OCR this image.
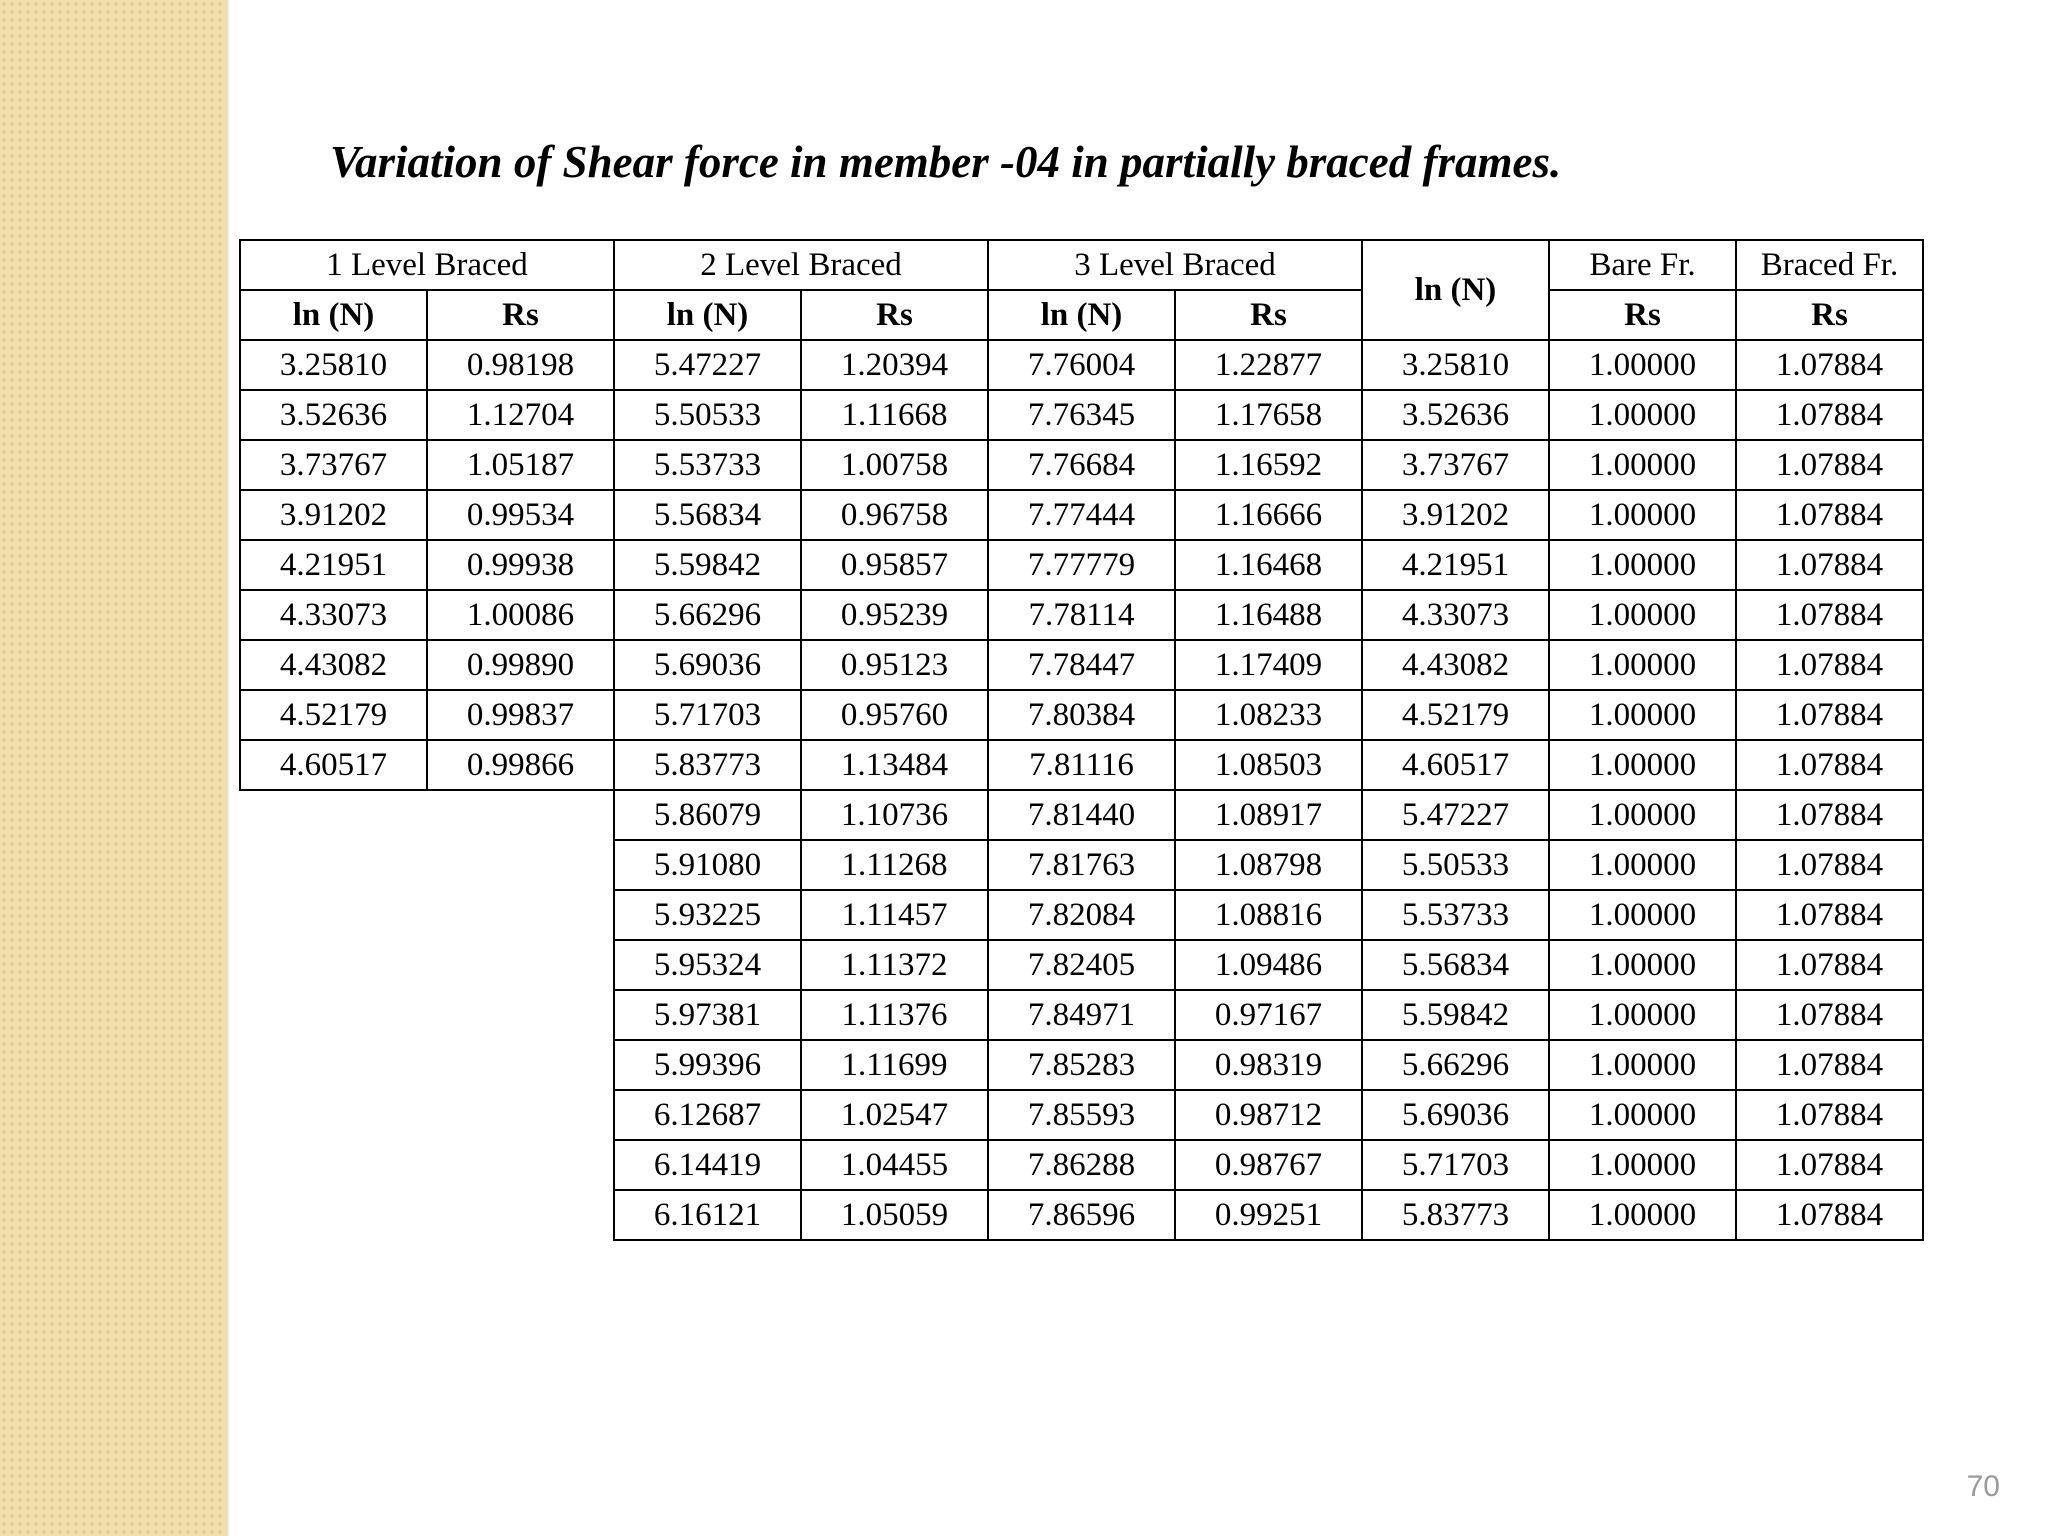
Variation of Shear force in member -04 in partially braced frames.
1 Level Braced		2 Level Braced		3 Level Braced		ln (N)	Bare Fr.	Braced Fr.
ln (N)	Rs	ln (N)	Rs	ln (N)	Rs		Rs	Rs
3.25810	0.98198	5.47227	1.20394	7.76004	1.22877	3.25810	1.00000	1.07884
3.52636	1.12704	5.50533	1.11668	7.76345	1.17658	3.52636	1.00000	1.07884
3.73767	1.05187	5.53733	1.00758	7.76684	1.16592	3.73767	1.00000	1.07884
3.91202	0.99534	5.56834	0.96758	7.77444	1.16666	3.91202	1.00000	1.07884
4.21951	0.99938	5.59842	0.95857	7.77779	1.16468	4.21951	1.00000	1.07884
4.33073	1.00086	5.66296	0.95239	7.78114	1.16488	4.33073	1.00000	1.07884
4.43082	0.99890	5.69036	0.95123	7.78447	1.17409	4.43082	1.00000	1.07884
4.52179	0.99837	5.71703	0.95760	7.80384	1.08233	4.52179	1.00000	1.07884
4.60517	0.99866	5.83773	1.13484	7.81116	1.08503	4.60517	1.00000	1.07884
		5.86079	1.10736	7.81440	1.08917	5.47227	1.00000	1.07884
		5.91080	1.11268	7.81763	1.08798	5.50533	1.00000	1.07884
		5.93225	1.11457	7.82084	1.08816	5.53733	1.00000	1.07884
		5.95324	1.11372	7.82405	1.09486	5.56834	1.00000	1.07884
		5.97381	1.11376	7.84971	0.97167	5.59842	1.00000	1.07884
		5.99396	1.11699	7.85283	0.98319	5.66296	1.00000	1.07884
		6.12687	1.02547	7.85593	0.98712	5.69036	1.00000	1.07884
		6.14419	1.04455	7.86288	0.98767	5.71703	1.00000	1.07884
		6.16121	1.05059	7.86596	0.99251	5.83773	1.00000	1.07884
70
